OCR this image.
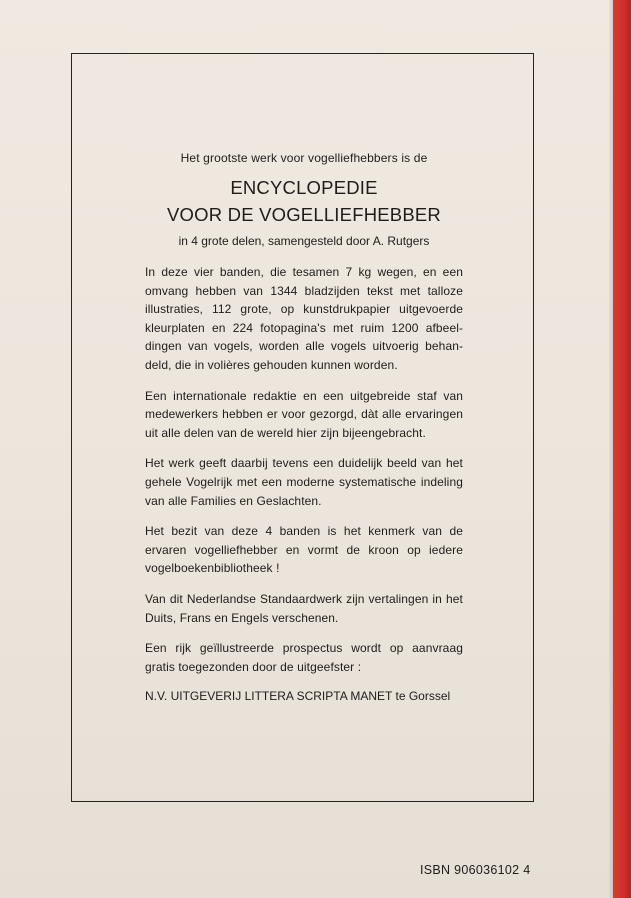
Het grootste werk voor vogelliefhebbers is de

ENCYCLOPEDIE
VOOR DE VOGELLIEFHEBBER

in 4 grote delen, samengesteld door A. Rutgers

In deze vier banden, die tesamen 7 kg wegen, en een omvang hebben van 1344 bladzijden tekst met talloze illustraties, 112 grote, op kunstdrukpapier uitgevoerde kleurplaten en 224 fotopagina's met ruim 1200 afbeeldingen van vogels, worden alle vogels uitvoerig behandeld, die in volières gehouden kunnen worden.

Een internationale redaktie en een uitgebreide staf van medewerkers hebben er voor gezorgd, dàt alle ervaringen uit alle delen van de wereld hier zijn bijeengebracht.

Het werk geeft daarbij tevens een duidelijk beeld van het gehele Vogelrijk met een moderne systematische indeling van alle Families en Geslachten.

Het bezit van deze 4 banden is het kenmerk van de ervaren vogelliefhebber en vormt de kroon op iedere vogelboekenbibliotheek !

Van dit Nederlandse Standaardwerk zijn vertalingen in het Duits, Frans en Engels verschenen.

Een rijk geïllustreerde prospectus wordt op aanvraag gratis toegezonden door de uitgeefster :

N.V. UITGEVERIJ LITTERA SCRIPTA MANET te Gorssel

ISBN 906036102 4
